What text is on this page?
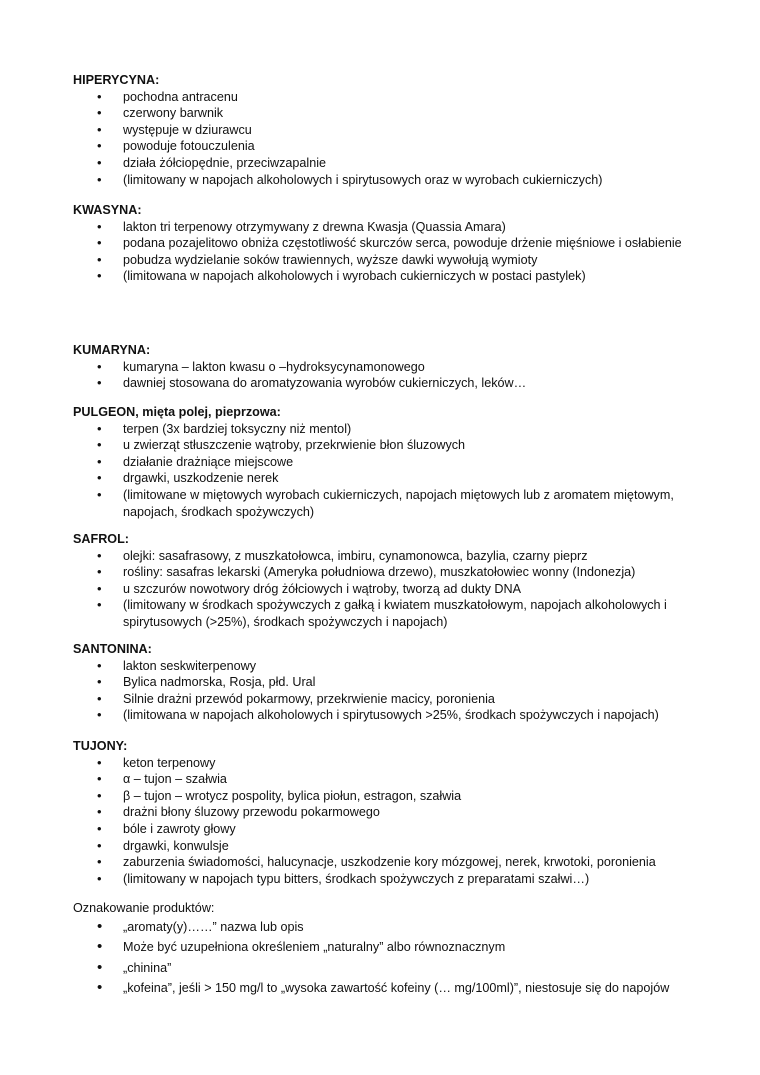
HIPERYCYNA:
• pochodna antracenu
• czerwony barwnik
• występuje w dziurawcu
• powoduje fotouczulenia
• działa żółciopędnie, przeciwzapalnie
• (limitowany w napojach alkoholowych i spirytusowych oraz w wyrobach cukierniczych)
KWASYNA:
• lakton tri terpenowy otrzymywany z drewna Kwasja (Quassia Amara)
• podana pozajelitowo obniża częstotliwość skurczów serca, powoduje drżenie mięśniowe i osłabienie
• pobudza wydzielanie soków trawiennych, wyższe dawki wywołują wymioty
• (limitowana w napojach alkoholowych i wyrobach cukierniczych w postaci pastylek)
KUMARYNA:
• kumaryna – lakton kwasu o –hydroksycynamonowego
• dawniej stosowana do aromatyzowania wyrobów cukierniczych, leków…
PULGEON, mięta polej, pieprzowa:
• terpen (3x bardziej toksyczny niż mentol)
• u zwierząt stłuszczenie wątroby, przekrwienie błon śluzowych
• działanie drażniące miejscowe
• drgawki, uszkodzenie nerek
• (limitowane w miętowych wyrobach cukierniczych, napojach miętowych lub z aromatem miętowym, napojach, środkach spożywczych)
SAFROL:
• olejki: sasafrasowy, z muszkatołowca, imbiru, cynamonowca, bazylia, czarny pieprz
• rośliny: sasafras lekarski (Ameryka południowa drzewo), muszkatołowiec wonny (Indonezja)
• u szczurów nowotwory dróg żółciowych i wątroby, tworzą ad dukty DNA
• (limitowany w środkach spożywczych z gałką i kwiatem muszkatołowym, napojach alkoholowych i spirytusowych (>25%), środkach spożywczych i napojach)
SANTONINA:
• lakton seskwiterpenowy
• Bylica nadmorska, Rosja, płd. Ural
• Silnie drażni przewód pokarmowy, przekrwienie macicy, poronienia
• (limitowana w napojach alkoholowych i spirytusowych >25%, środkach spożywczych i napojach)
TUJONY:
• keton terpenowy
• α – tujon – szałwia
• β – tujon – wrotycz pospolity, bylica piołun, estragon, szałwia
• drażni błony śluzowy przewodu pokarmowego
• bóle i zawroty głowy
• drgawki, konwulsje
• zaburzenia świadomości, halucynacje, uszkodzenie kory mózgowej, nerek, krwotoki, poronienia
• (limitowany w napojach typu bitters, środkach spożywczych z preparatami szałwi…)
Oznakowanie produktów:
• „aromaty(y)……” nazwa lub opis
• Może być uzupełniona określeniem „naturalny” albo równoznacznym
• „chinina”
• „kofeina”, jeśli > 150 mg/l to „wysoka zawartość kofeiny (… mg/100ml)”, niestosuje się do napojów
